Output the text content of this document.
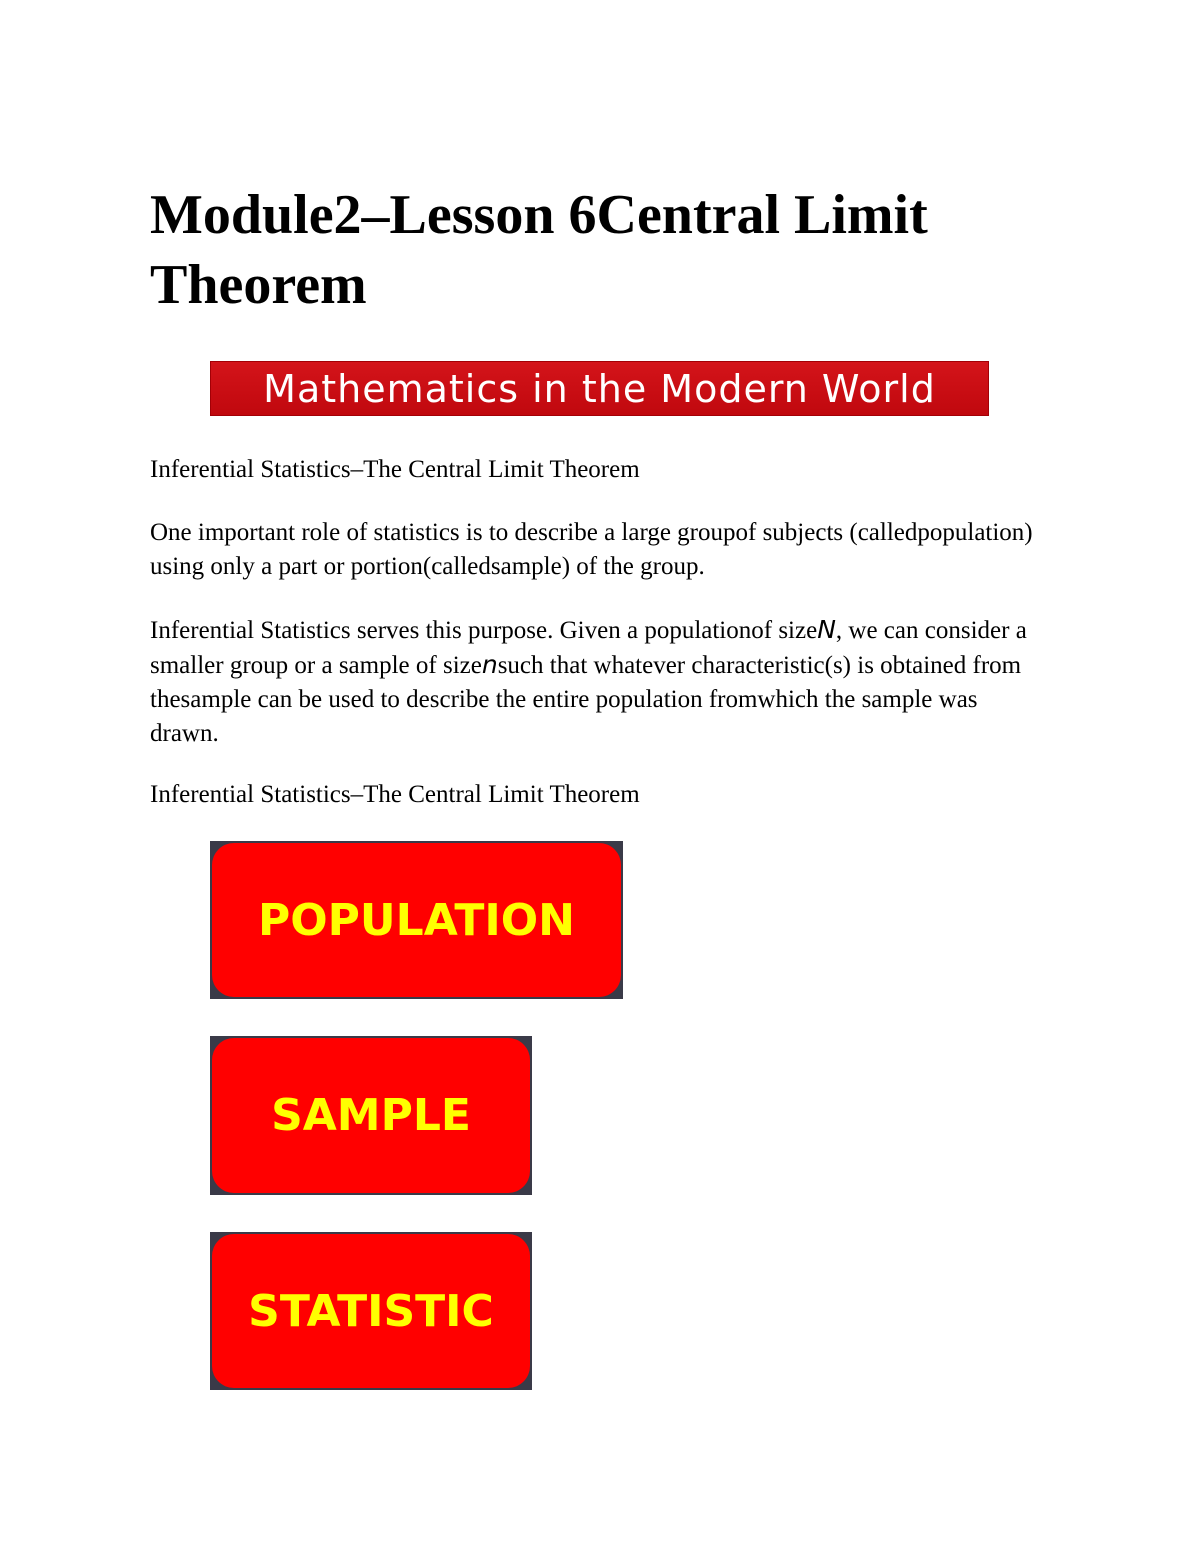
Module2–Lesson 6Central Limit Theorem
Mathematics in the Modern World

Inferential Statistics–The Central Limit Theorem

One important role of statistics is to describe a large groupof subjects (calledpopulation) using only a part or portion(calledsample) of the group.

Inferential Statistics serves this purpose. Given a populationof sizeN, we can consider a smaller group or a sample of sizensuch that whatever characteristic(s) is obtained from thesample can be used to describe the entire population fromwhich the sample was drawn.

Inferential Statistics–The Central Limit Theorem

POPULATION
SAMPLE
STATISTIC
